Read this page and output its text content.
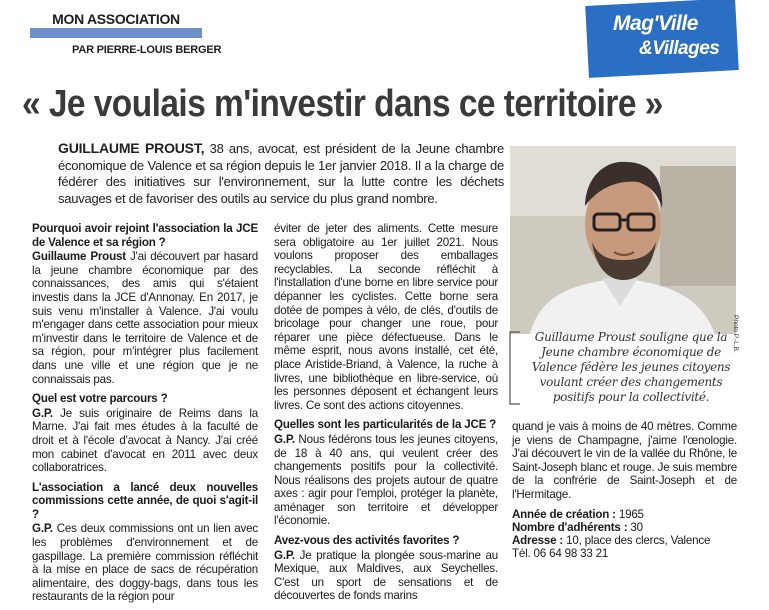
MON ASSOCIATION
PAR PIERRE-LOUIS BERGER
Mag'Ville
&Villages
« Je voulais m'investir dans ce territoire »
GUILLAUME PROUST, 38 ans, avocat, est président de la Jeune chambre économique de Valence et sa région depuis le 1er janvier 2018. Il a la charge de fédérer des initiatives sur l'environnement, sur la lutte contre les déchets sauvages et de favoriser des outils au service du plus grand nombre.

Pourquoi avoir rejoint l'association la JCE de Valence et sa région ?
Guillaume Proust J'ai découvert par hasard la jeune chambre économique par des connaissances, des amis qui s'étaient investis dans la JCE d'Annonay. En 2017, je suis venu m'installer à Valence. J'ai voulu m'engager dans cette association pour mieux m'investir dans le territoire de Valence et de sa région, pour m'intégrer plus facilement dans une ville et une région que je ne connaissais pas.

Quel est votre parcours ?
G.P. Je suis originaire de Reims dans la Marne. J'ai fait mes études à la faculté de droit et à l'école d'avocat à Nancy. J'ai créé mon cabinet d'avocat en 2011 avec deux collaboratrices.

L'association a lancé deux nouvelles commissions cette année, de quoi s'agit-il ?
G.P. Ces deux commissions ont un lien avec les problèmes d'environnement et de gaspillage. La première commission réfléchit à la mise en place de sacs de récupération alimentaire, des doggy-bags, dans tous les restaurants de la région pour

éviter de jeter des aliments. Cette mesure sera obligatoire au 1er juillet 2021. Nous voulons proposer des emballages recyclables. La seconde réfléchit à l'installation d'une borne en libre service pour dépanner les cyclistes. Cette borne sera dotée de pompes à vélo, de clés, d'outils de bricolage pour changer une roue, pour réparer une pièce défectueuse. Dans le même esprit, nous avons installé, cet été, place Aristide-Briand, à Valence, la ruche à livres, une bibliothèque en libre-service, où les personnes déposent et échangent leurs livres. Ce sont des actions citoyennes.

Quelles sont les particularités de la JCE ?
G.P. Nous fédérons tous les jeunes citoyens, de 18 à 40 ans, qui veulent créer des changements positifs pour la collectivité. Nous réalisons des projets autour de quatre axes : agir pour l'emploi, protéger la planète, aménager son territoire et développer l'économie.

Avez-vous des activités favorites ?
G.P. Je pratique la plongée sous-marine au Mexique, aux Maldives, aux Seychelles. C'est un sport de sensations et de découvertes de fonds marins

Photo P.-L.B.
Guillaume Proust souligne que la Jeune chambre économique de Valence fédère les jeunes citoyens voulant créer des changements positifs pour la collectivité.

quand je vais à moins de 40 mètres. Comme je viens de Champagne, j'aime l'œnologie. J'ai découvert le vin de la vallée du Rhône, le Saint-Joseph blanc et rouge. Je suis membre de la confrérie de Saint-Joseph et de l'Hermitage.

Année de création : 1965
Nombre d'adhérents : 30
Adresse : 10, place des clercs, Valence
Tél. 06 64 98 33 21
